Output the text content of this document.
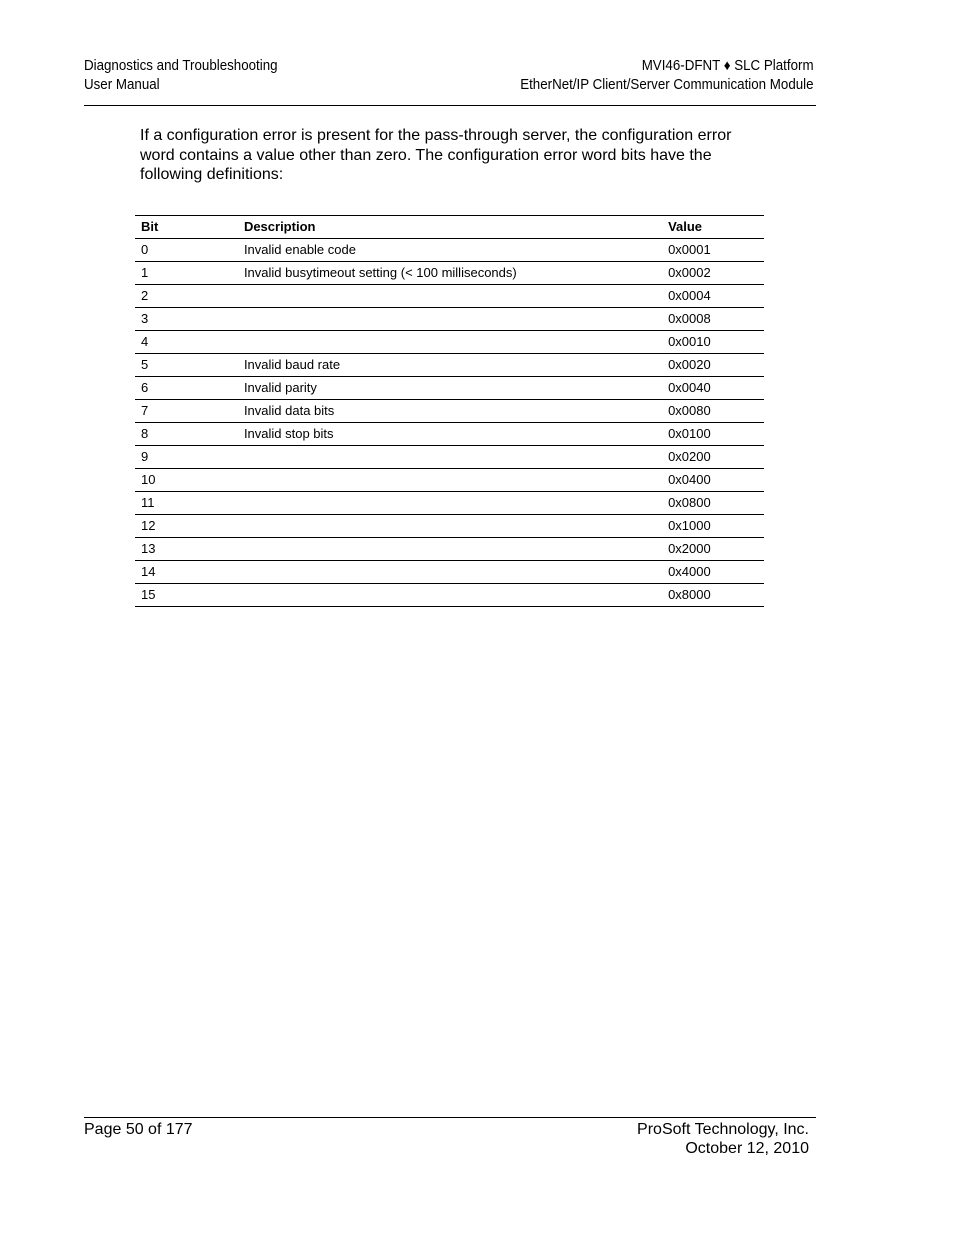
Diagnostics and Troubleshooting
User Manual
MVI46-DFNT ♦ SLC Platform
EtherNet/IP Client/Server Communication Module

If a configuration error is present for the pass-through server, the configuration error word contains a value other than zero. The configuration error word bits have the following definitions:

Bit	Description	Value
0	Invalid enable code	0x0001
1	Invalid busytimeout setting (< 100 milliseconds)	0x0002
2		0x0004
3		0x0008
4		0x0010
5	Invalid baud rate	0x0020
6	Invalid parity	0x0040
7	Invalid data bits	0x0080
8	Invalid stop bits	0x0100
9		0x0200
10		0x0400
11		0x0800
12		0x1000
13		0x2000
14		0x4000
15		0x8000
Page 50 of 177	ProSoft Technology, Inc.
October 12, 2010
